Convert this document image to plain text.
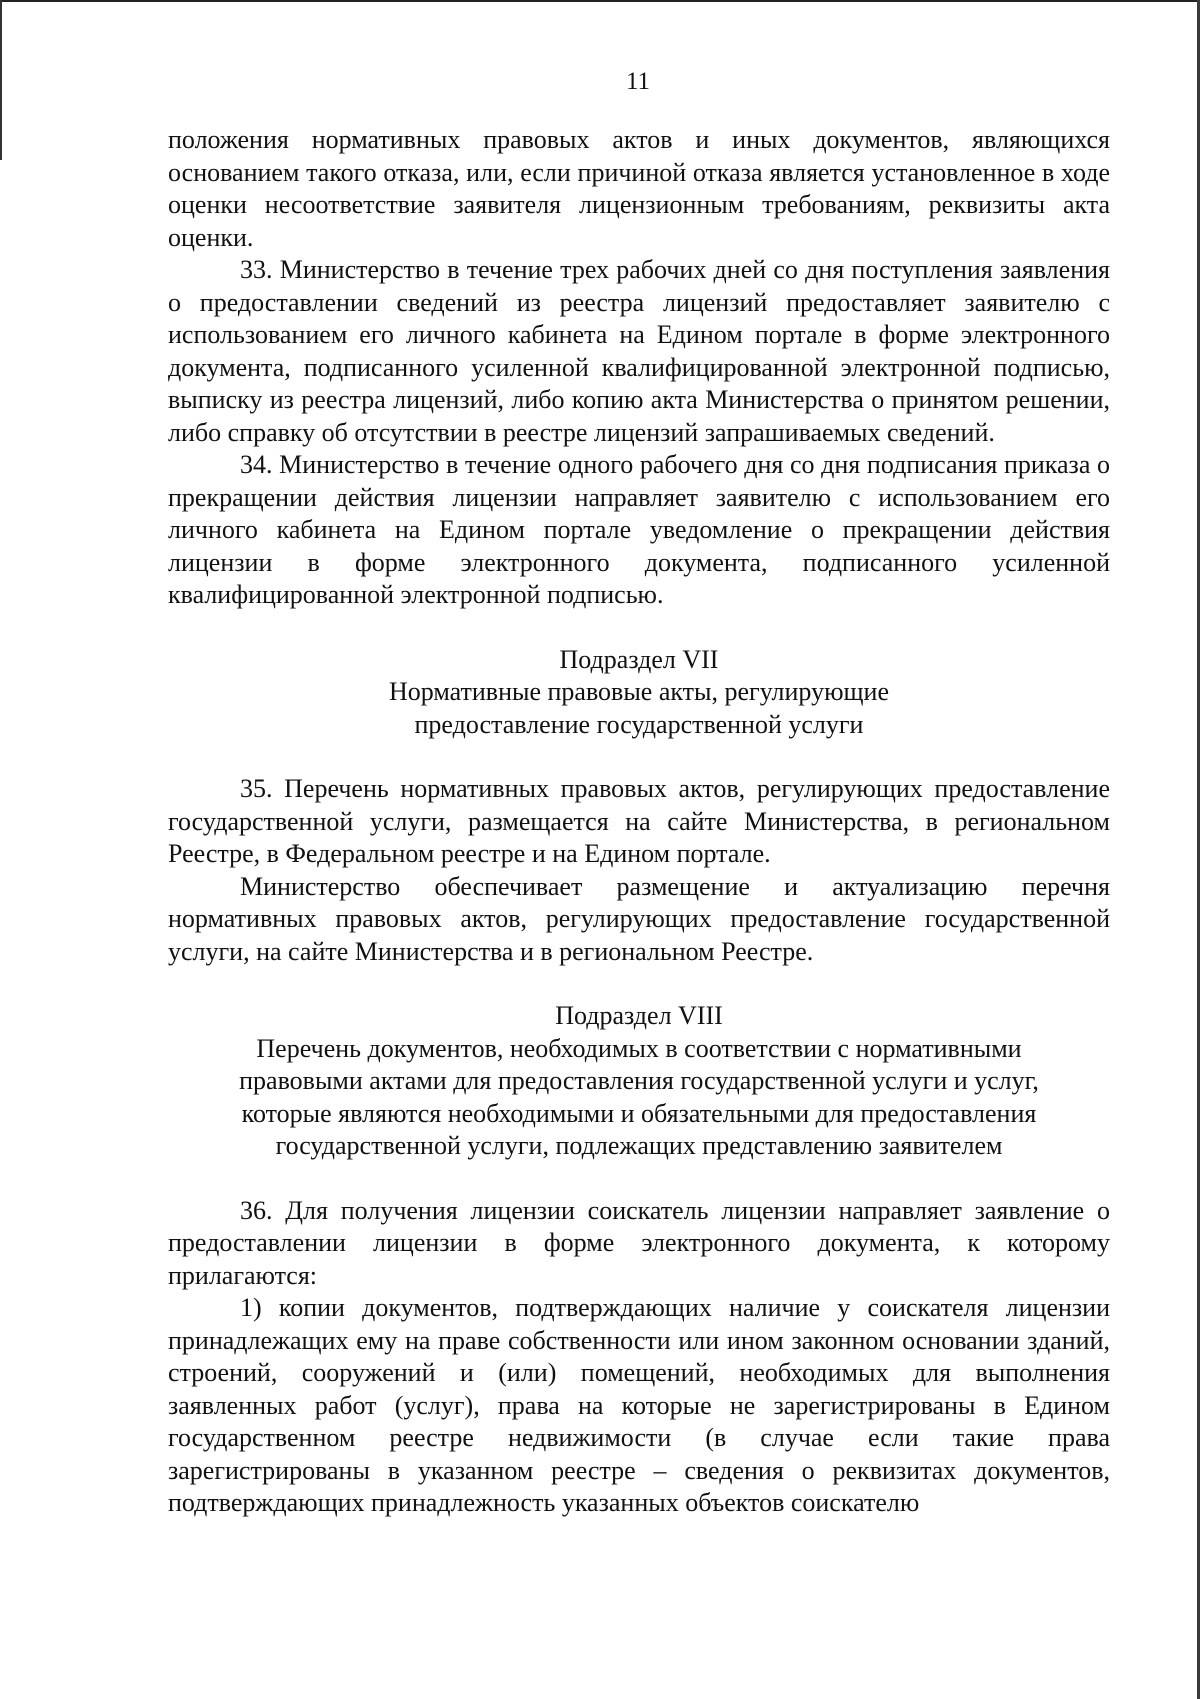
11

положения нормативных правовых актов и иных документов, являющихся основанием такого отказа, или, если причиной отказа является установленное в ходе оценки несоответствие заявителя лицензионным требованиям, реквизиты акта оценки.

33. Министерство в течение трех рабочих дней со дня поступления заявления о предоставлении сведений из реестра лицензий предоставляет заявителю с использованием его личного кабинета на Едином портале в форме электронного документа, подписанного усиленной квалифицированной электронной подписью, выписку из реестра лицензий, либо копию акта Министерства о принятом решении, либо справку об отсутствии в реестре лицензий запрашиваемых сведений.

34. Министерство в течение одного рабочего дня со дня подписания приказа о прекращении действия лицензии направляет заявителю с использованием его личного кабинета на Едином портале уведомление о прекращении действия лицензии в форме электронного документа, подписанного усиленной квалифицированной электронной подписью.

Подраздел VII

Нормативные правовые акты, регулирующие

предоставление государственной услуги

35. Перечень нормативных правовых актов, регулирующих предоставление государственной услуги, размещается на сайте Министерства, в региональном Реестре, в Федеральном реестре и на Едином портале.

Министерство обеспечивает размещение и актуализацию перечня нормативных правовых актов, регулирующих предоставление государственной услуги, на сайте Министерства и в региональном Реестре.

Подраздел VIII

Перечень документов, необходимых в соответствии с нормативными

правовыми актами для предоставления государственной услуги и услуг,

которые являются необходимыми и обязательными для предоставления

государственной услуги, подлежащих представлению заявителем

36. Для получения лицензии соискатель лицензии направляет заявление о предоставлении лицензии в форме электронного документа, к которому прилагаются:

1) копии документов, подтверждающих наличие у соискателя лицензии принадлежащих ему на праве собственности или ином законном основании зданий, строений, сооружений и (или) помещений, необходимых для выполнения заявленных работ (услуг), права на которые не зарегистрированы в Едином государственном реестре недвижимости (в случае если такие права зарегистрированы в указанном реестре – сведения о реквизитах документов, подтверждающих принадлежность указанных объектов соискателю
